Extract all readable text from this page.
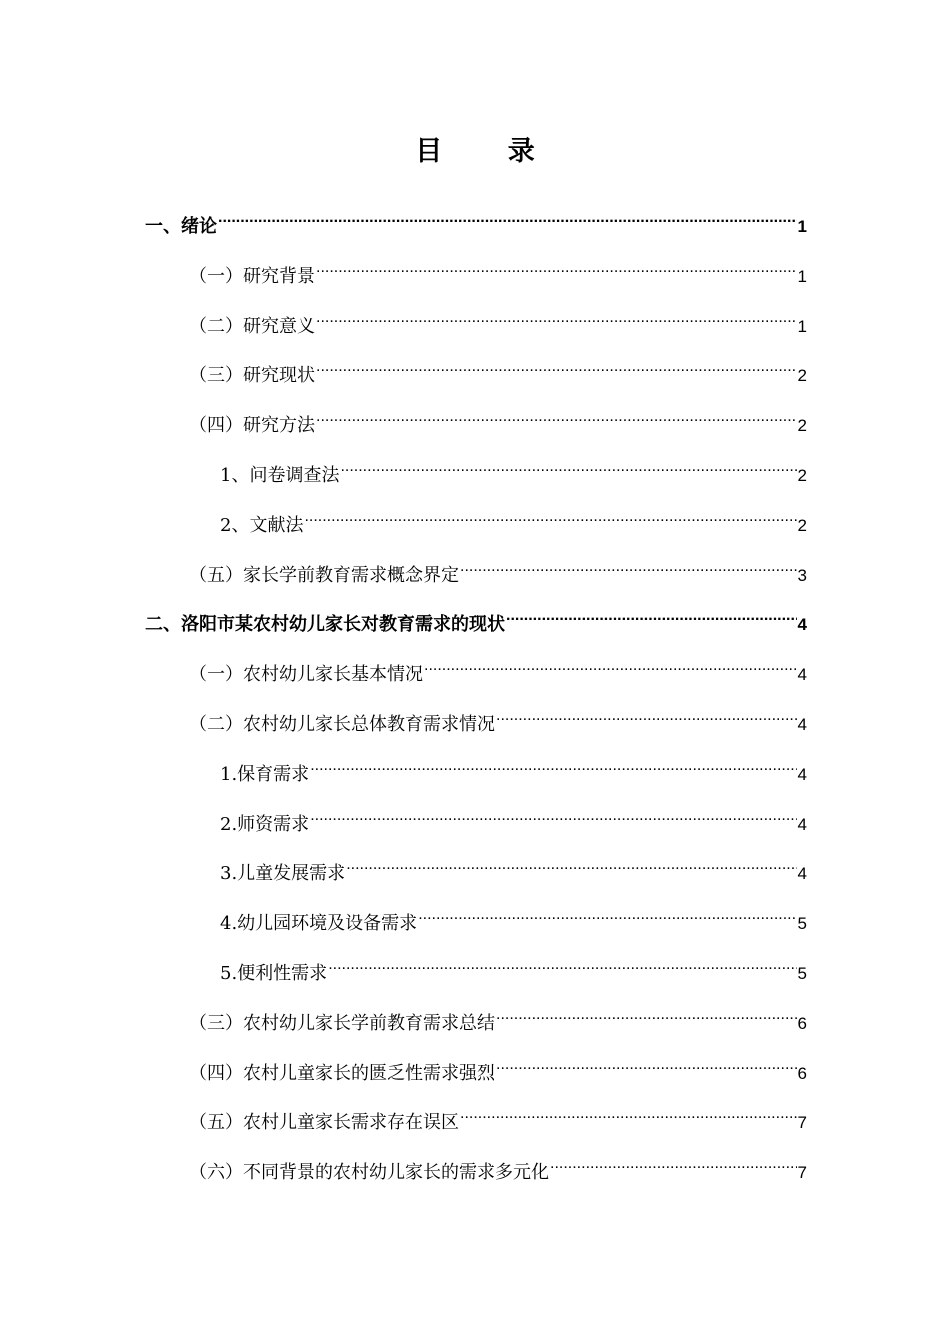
目 录
一、绪论 .....	1
（一）研究背景 .....	1
（二）研究意义 .....	1
（三）研究现状 .....	2
（四）研究方法 .....	2
1、问卷调查法 .....	2
2、文献法 .....	2
（五）家长学前教育需求概念界定 .....	3
二、洛阳市某农村幼儿家长对教育需求的现状 .....	4
（一）农村幼儿家长基本情况 .....	4
（二）农村幼儿家长总体教育需求情况 .....	4
1.保育需求 .....	4
2.师资需求 .....	4
3.儿童发展需求 .....	4
4.幼儿园环境及设备需求 .....	5
5.便利性需求 .....	5
（三）农村幼儿家长学前教育需求总结 .....	6
（四）农村儿童家长的匮乏性需求强烈 .....	6
（五）农村儿童家长需求存在误区 .....	7
（六）不同背景的农村幼儿家长的需求多元化 .....	7
